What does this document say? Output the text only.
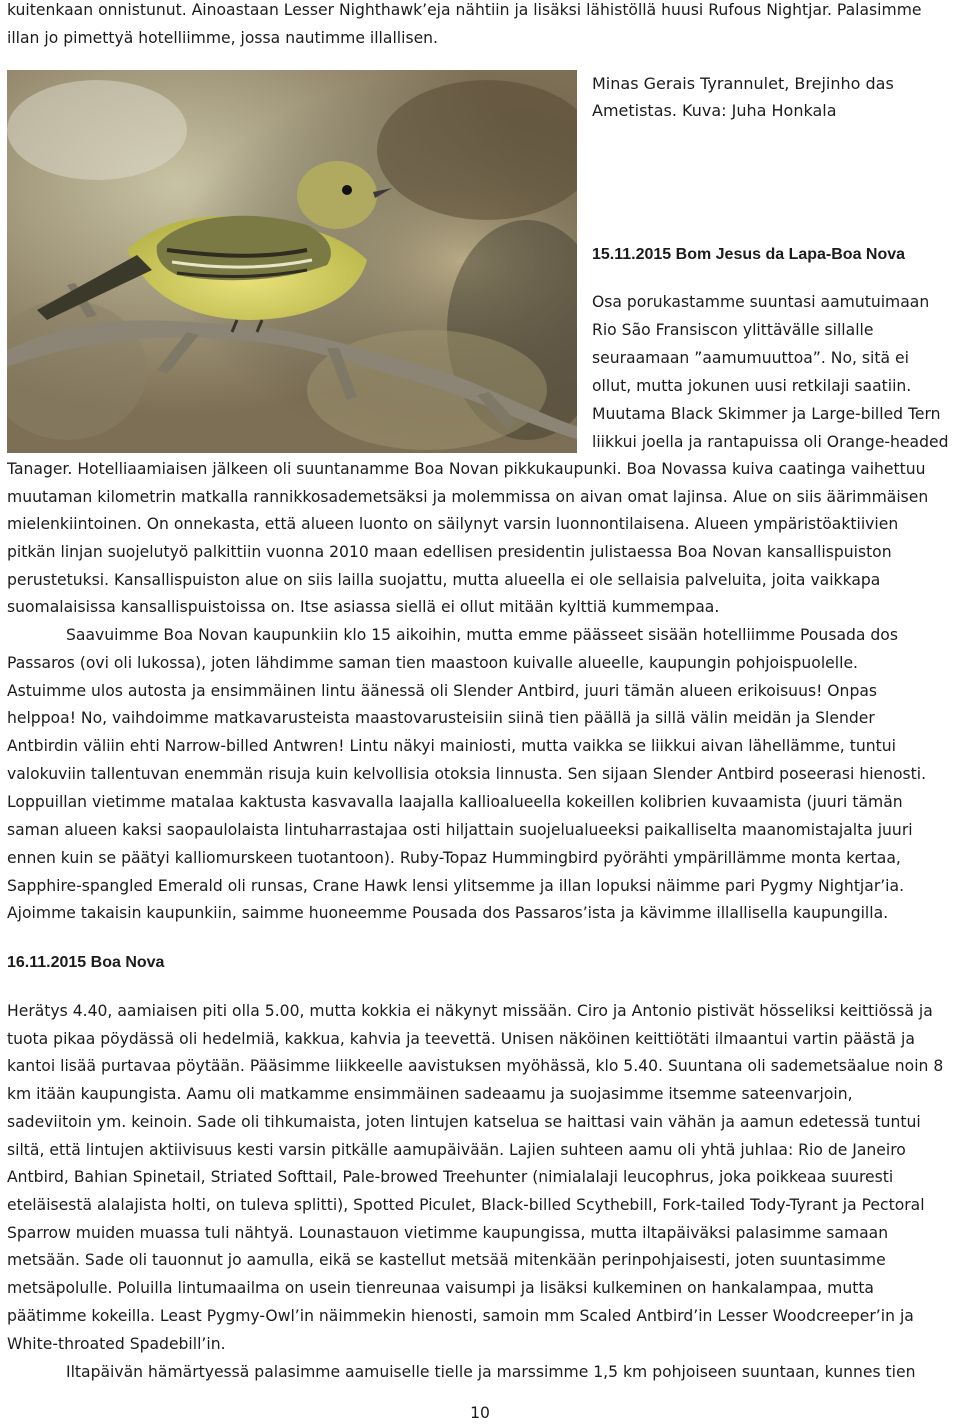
kuitenkaan onnistunut. Ainoastaan Lesser Nighthawk’eja nähtiin ja lisäksi lähistöllä huusi Rufous Nightjar. Palasimme
illan jo pimettyä hotelliimme, jossa nautimme illallisen.
Minas Gerais Tyrannulet, Brejinho das
Ametistas. Kuva: Juha Honkala
15.11.2015 Bom Jesus da Lapa-Boa Nova
Osa porukastamme suuntasi aamutuimaan
Rio São Fransiscon ylittävälle sillalle
seuraamaan ”aamumuuttoa”. No, sitä ei
ollut, mutta jokunen uusi retkilaji saatiin.
Muutama Black Skimmer ja Large-billed Tern
liikkui joella ja rantapuissa oli Orange-headed
Tanager. Hotelliaamiaisen jälkeen oli suuntanamme Boa Novan pikkukaupunki. Boa Novassa kuiva caatinga vaihettuu
muutaman kilometrin matkalla rannikkosademetsäksi ja molemmissa on aivan omat lajinsa. Alue on siis äärimmäisen
mielenkiintoinen. On onnekasta, että alueen luonto on säilynyt varsin luonnontilaisena. Alueen ympäristöaktiivien
pitkän linjan suojelutyö palkittiin vuonna 2010 maan edellisen presidentin julistaessa Boa Novan kansallispuiston
perustetuksi. Kansallispuiston alue on siis lailla suojattu, mutta alueella ei ole sellaisia palveluita, joita vaikkapa
suomalaisissa kansallispuistoissa on. Itse asiassa siellä ei ollut mitään kylttiä kummempaa.
Saavuimme Boa Novan kaupunkiin klo 15 aikoihin, mutta emme päässeet sisään hotelliimme Pousada dos
Passaros (ovi oli lukossa), joten lähdimme saman tien maastoon kuivalle alueelle, kaupungin pohjoispuolelle.
Astuimme ulos autosta ja ensimmäinen lintu äänessä oli Slender Antbird, juuri tämän alueen erikoisuus! Onpas
helppoa! No, vaihdoimme matkavarusteista maastovarusteisiin siinä tien päällä ja sillä välin meidän ja Slender
Antbirdin väliin ehti Narrow-billed Antwren! Lintu näkyi mainiosti, mutta vaikka se liikkui aivan lähellämme, tuntui
valokuviin tallentuvan enemmän risuja kuin kelvollisia otoksia linnusta. Sen sijaan Slender Antbird poseerasi hienosti.
Loppuillan vietimme matalaa kaktusta kasvavalla laajalla kallioalueella kokeillen kolibrien kuvaamista (juuri tämän
saman alueen kaksi saopaulolaista lintuharrastajaa osti hiljattain suojelualueeksi paikalliselta maanomistajalta juuri
ennen kuin se päätyi kalliomurskeen tuotantoon). Ruby-Topaz Hummingbird pyörähti ympärillämme monta kertaa,
Sapphire-spangled Emerald oli runsas, Crane Hawk lensi ylitsemme ja illan lopuksi näimme pari Pygmy Nightjar’ia.
Ajoimme takaisin kaupunkiin, saimme huoneemme Pousada dos Passaros’ista ja kävimme illallisella kaupungilla.
16.11.2015 Boa Nova
Herätys 4.40, aamiaisen piti olla 5.00, mutta kokkia ei näkynyt missään. Ciro ja Antonio pistivät hösseliksi keittiössä ja
tuota pikaa pöydässä oli hedelmiä, kakkua, kahvia ja teevettä. Unisen näköinen keittiötäti ilmaantui vartin päästä ja
kantoi lisää purtavaa pöytään. Pääsimme liikkeelle aavistuksen myöhässä, klo 5.40. Suuntana oli sademetsäalue noin 8
km itään kaupungista. Aamu oli matkamme ensimmäinen sadeaamu ja suojasimme itsemme sateenvarjoin,
sadeviitoin ym. keinoin. Sade oli tihkumaista, joten lintujen katselua se haittasi vain vähän ja aamun edetessä tuntui
siltä, että lintujen aktiivisuus kesti varsin pitkälle aamupäivään. Lajien suhteen aamu oli yhtä juhlaa: Rio de Janeiro
Antbird, Bahian Spinetail, Striated Softtail, Pale-browed Treehunter (nimialalaji leucophrus, joka poikkeaa suuresti
eteläisestä alalajista holti, on tuleva splitti), Spotted Piculet, Black-billed Scythebill, Fork-tailed Tody-Tyrant ja Pectoral
Sparrow muiden muassa tuli nähtyä. Lounastauon vietimme kaupungissa, mutta iltapäiväksi palasimme samaan
metsään. Sade oli tauonnut jo aamulla, eikä se kastellut metsää mitenkään perinpohjaisesti, joten suuntasimme
metsäpolulle. Poluilla lintumaailma on usein tienreunaa vaisumpi ja lisäksi kulkeminen on hankalampaa, mutta
päätimme kokeilla. Least Pygmy-Owl’in näimmekin hienosti, samoin mm Scaled Antbird’in Lesser Woodcreeper’in ja
White-throated Spadebill’in.
Iltapäivän hämärtyessä palasimme aamuiselle tielle ja marssimme 1,5 km pohjoiseen suuntaan, kunnes tien
10
